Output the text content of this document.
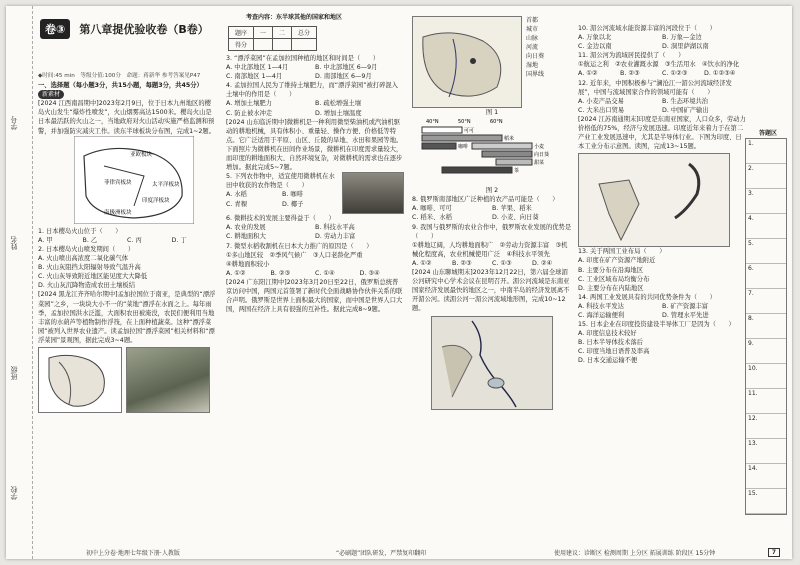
学号
姓名
班级
学校
卷③ 第八章提优验收卷（B卷）
考查内容：东半球其他的国家和地区
题序	一	二	总分
得分			

◆时间:45 min　等级分值:100分　命题：蒋新华 参考答案见P47

一、选择题（每小题3分，共15小题，每题3分，共45分）

新素材

[2024 江西南昌期中]2023年2月9日，位于日本九州地区的樱岛火山发生“爆炸性喷发”，火山烟雾高达1500米。樱岛火山是日本最活跃的火山之一，当地政府对火山活动实施严格监测和预警，并加强防灾减灾工作。读东半球板块分布图，完成1~2题。

亚欧板块
太平洋板块
菲律宾板块
印度洋板块
南极洲板块

1. 日本樱岛火山位于（　　）

A. 甲	B. 乙	C. 丙	D. 丁

2. 日本樱岛火山喷发期间（　　）

A. 火山喷出高浓度二氧化碳气体

B. 火山灰阻挡太阳辐射导致气温升高

C. 火山灰导致附近地区能见度大大降低

D. 火山灰沉降物造成农田土壤板结

[2024 黑龙江齐齐哈尔期中]孟加拉国位于南亚，是典型的“漂浮菜园”之乡，一块块大小不一的“菜地”漂浮在水面之上。每年雨季，孟加拉国洪水泛滥，大面积农田被淹没，农民们便利用当地丰富的水葫芦等植物制作浮筏，在上面种植蔬菜。这种“漂浮菜园”被列入世界农业遗产。读孟加拉国“漂浮菜园”相关材料和“漂浮菜园”景观图，据此完成3~4题。

3. “漂浮菜园”在孟加拉国种植的地区和时间是（　　）

A. 中北部地区 1—4月	B. 中北部地区 6—9月
C. 南部地区 1—4月	D. 南部地区 6—9月

4. 孟加拉国人民为了维持土壤肥力，而“漂浮菜园”被打碎混入土壤中的作用是（　　）

A. 增加土壤肥力	B. 疏松增强土壤
C. 防止被水冲走	D. 增加土壤温度

[2024 山东临沂期中]微耕机是一种利用微型柴油机或汽油机驱动的耕地机械，具有体积小、重量轻、操作方便、价格低等特点。它广泛适用于平原、山区、丘陵的旱地、水田和果园等地。下面照片为微耕机在田间作业场景，微耕机在印度需求量较大，而印度的耕地面积大、自然环境复杂，对微耕机的需求也在逐步增加。据此完成5~7题。

5. 下列农作物中，适宜使用微耕机在水田中收获的农作物是（　　）

A. 水稻	B. 咖啡
C. 青稞	D. 椰子

6. 微耕技术的发展主要得益于（　　）

A. 农业的发展	B. 科技水平高
C. 耕地面积大	D. 劳动力丰富

7. 微型水稻收割机在日本大力推广的原因是（　　）

①多山地区较　②季风气候广　③人口老龄化严重

④耕地面积较小

A. ①②	B. ②③	C. ①④	D. ③④

[2024 广东阳江期中]2023年3月20日至22日，俄罗斯总统普京访问中国，两国元首签署了新时代全面战略协作伙伴关系的联合声明。俄罗斯是世界上面积最大的国家，而中国是世界人口大国，两国在经济上具有很强的互补性。据此完成8~9题。

首都
城市
山脉
河流
向日葵
湿地
国界线

图 1

40°N	50°N	60°N
可可
稻米
咖啡	小麦
向日葵
甜菜
茶

图 2

8. 俄罗斯南部地区广泛种植的农产品可能是（　　）

A. 咖啡、可可	B. 苹果、稻米
C. 稻米、水稻	D. 小麦、向日葵

9. 我国与俄罗斯的农业合作中，俄罗斯农业发展的优势是（　　）

①耕地辽阔，人均耕地面积广　②劳动力资源丰富　③机械化程度高，农业机械使用广泛　④科技水平领先

A. ①②	B. ②③	C. ①③	D. ②④

[2024 山东聊城期末]2023年12月22日，第六届全球湄公河研究中心学术会议在昆明召开。湄公河流域是东南亚国家经济发展最快的地区之一，中南半岛的经济发展离不开湄公河。读湄公河一湄公河流域地形图，完成10~12题。

10. 湄公河流域水能资源丰富的河段位于（　　）

A. 万象以北	B. 万象—金边
C. 金边以南	D. 洞里萨湖以南

11. 湄公河为流域居民提供了（　　）

①航运之利　②农业灌溉水源　③生活用水　④饮水的净化

A. ①②	B. ②③	C. ①②③	D. ①②③④

12. 近年来，中国积极参与“澜沧江一湄公河流域经济发展”，中国与流域国家合作的领域可能有（　　）

A. 小麦产品交易	B. 生态环境共治
C. 大米出口贸易	D. 中国矿产输出

[2024 江苏南通期末]印度是东南亚国家，人口众多，劳动力价格低的75%，经济与发展迅速。印度近年来着力于在第二产业工业发展迅速中，尤其是半导体行业。下图为印度、日本工业分布示意图。读图，完成13~15题。

13. 关于两国工业布局（　　）

A. 印度在矿产资源产地附近

B. 主要分布在沿海地区

C. 工业区域布局均衡分布

D. 主要分布在内陆地区

14. 两国工业发展具有的共同优势条件为（　　）

A. 科技水平发达	B. 矿产资源丰富
C. 海洋运输便利	D. 管理水平先进

15. 日本企业在印度投资建设半导体工厂是因为（　　）

A. 印度信息技术较好

B. 日本半导体技术落后

C. 印度当地日语普及率高

D. 日本交通运输不便

答题区
1.
2.
3.
4.
5.
6.
7.
8.
9.
10.
11.
12.
13.
14.
15.
初中上分卷·地理七年级下册·人教版	“必刷题”团队研发，严禁复印翻印	使用建议：诊断区 检测周期 上分区 拓展训练 阶段区 15分钟	7
